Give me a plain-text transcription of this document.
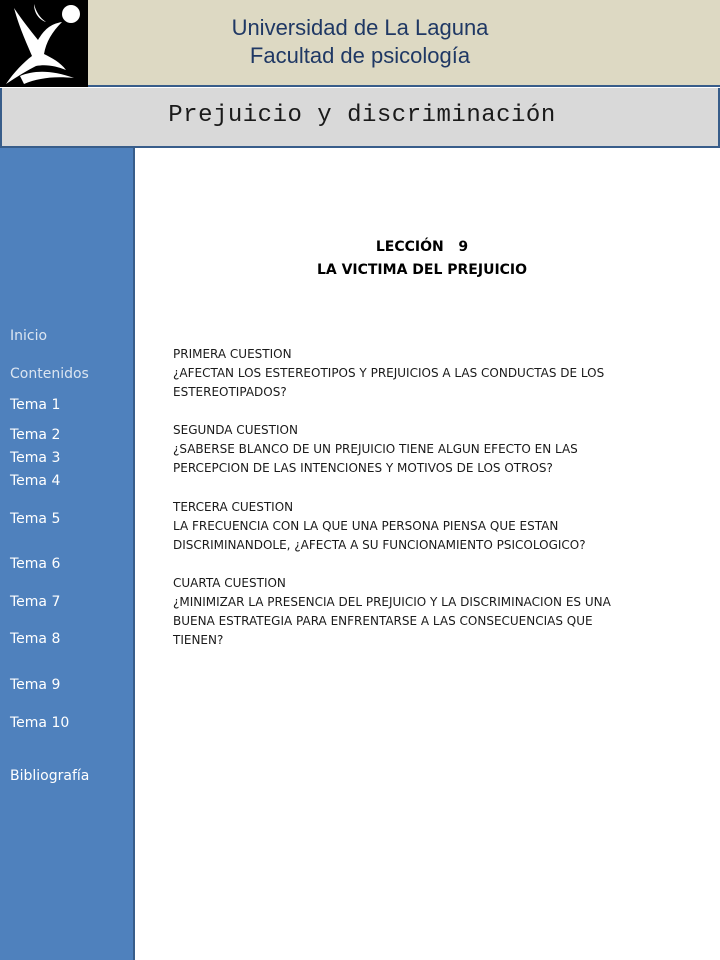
Universidad de La Laguna
Facultad de psicología
Prejuicio y discriminación
Inicio
Contenidos
Tema 1
Tema 2
Tema 3
Tema 4
Tema 5
Tema 6
Tema 7
Tema 8
Tema 9
Tema 10
Bibliografía
LECCIÓN   9
LA VICTIMA DEL PREJUICIO
PRIMERA CUESTION
¿AFECTAN LOS ESTEREOTIPOS Y PREJUICIOS A LAS CONDUCTAS DE LOS
ESTEREOTIPADOS?
SEGUNDA CUESTION
¿SABERSE BLANCO DE UN PREJUICIO TIENE ALGUN EFECTO EN LAS
PERCEPCION DE LAS INTENCIONES Y MOTIVOS DE LOS OTROS?
TERCERA CUESTION
LA FRECUENCIA CON LA QUE UNA PERSONA PIENSA QUE ESTAN
DISCRIMINANDOLE, ¿AFECTA A SU FUNCIONAMIENTO PSICOLOGICO?
CUARTA CUESTION
¿MINIMIZAR LA PRESENCIA DEL PREJUICIO Y LA DISCRIMINACION ES UNA
BUENA ESTRATEGIA PARA ENFRENTARSE A LAS CONSECUENCIAS QUE
TIENEN?
